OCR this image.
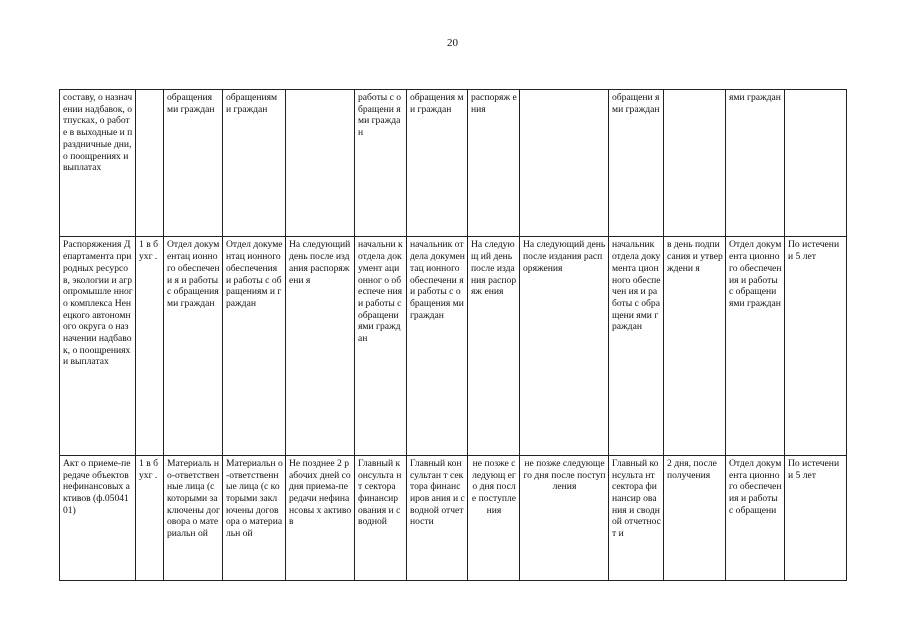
20
составу, о назначении надбавок, отпусках, о работе в выходные и праздничные дни, о поощрениях и выплатах		обращения ми граждан	обращениям и граждан		работы с обращени ями граждан	обращения ми граждан	распоряж ения		обращени ями граждан		ями граждан	
Распоряжения Департамента природных ресурсов, экологии и агропромышле нного комплекса Ненецкого автономного округа о назначении надбавок, о поощрениях и выплатах	1 в бухг .	Отдел документац ионного обеспечени я и работы с обращения ми граждан	Отдел документац ионного обеспечения и работы с обращениям и граждан	На следующий день после издания распоряжени я	начальни к отдела документ ационног о обеспече ния и работы с обращени ями граждан	начальник отдела документац ионного обеспечени я и работы с обращения ми граждан	На следующ ий день после издания распоряж ения	На следующий день после издания распоряжения	начальник отдела документа ционного обеспечен ия и работы с обращени ями граждан	в день подписания и утверждени я	Отдел документа ционного обеспечен ия и работы с обращени ями граждан	По истечени и 5 лет
Акт о приеме-передаче объектов нефинансовых активов (ф.0504101)	1 в бухг .	Материаль но-ответствен ные лица (с которыми заключены договора о материальн ой	Материальн о-ответственн ые лица (с которыми заключены договора о материальн ой	Не позднее 2 рабочих дней со дня приема-передачи нефинансовы х активов	Главный консульта нт сектора финансир ования и сводной	Главный консультан т сектора финансиров ания и сводной отчетности	не позже следующ его дня после поступле ния	не позже следующего дня после поступления	Главный консульта нт сектора финансир ования и сводной отчетност и	2 дня, после получения	Отдел документа ционного обеспечен ия и работы с обращени	По истечени и 5 лет
